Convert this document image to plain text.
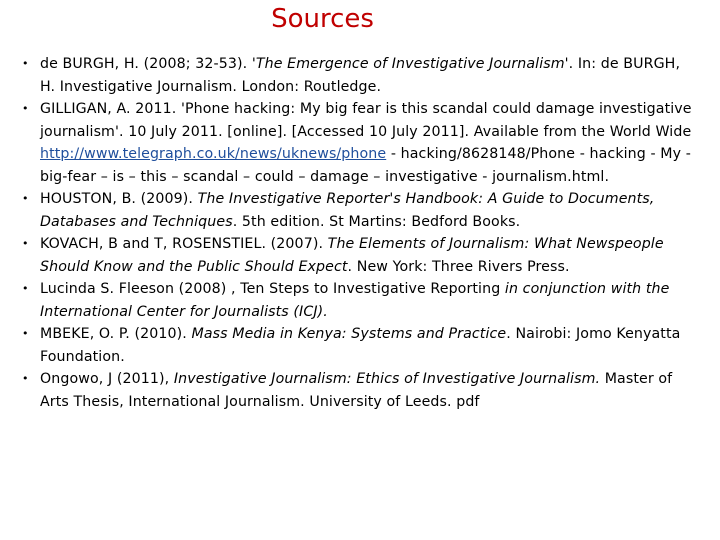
Sources
• de BURGH, H. (2008; 32-53). 'The Emergence of Investigative Journalism'. In: de BURGH, H. Investigative Journalism. London: Routledge.
• GILLIGAN, A. 2011. 'Phone hacking: My big fear is this scandal could damage investigative journalism'. 10 July 2011. [online]. [Accessed 10 July 2011]. Available from the World Wide http://www.telegraph.co.uk/news/uknews/phone - hacking/8628148/Phone - hacking - My - big-fear – is – this – scandal – could – damage – investigative - journalism.html.
• HOUSTON, B. (2009). The Investigative Reporter's Handbook: A Guide to Documents, Databases and Techniques. 5th edition. St Martins: Bedford Books.
• KOVACH, B and T, ROSENSTIEL. (2007). The Elements of Journalism: What Newspeople Should Know and the Public Should Expect. New York: Three Rivers Press.
• Lucinda S. Fleeson (2008) , Ten Steps to Investigative Reporting in conjunction with the International Center for Journalists (ICJ).
• MBEKE, O. P. (2010). Mass Media in Kenya: Systems and Practice. Nairobi: Jomo Kenyatta Foundation.
• Ongowo, J (2011), Investigative Journalism: Ethics of Investigative Journalism. Master of Arts Thesis, International Journalism. University of Leeds. pdf
